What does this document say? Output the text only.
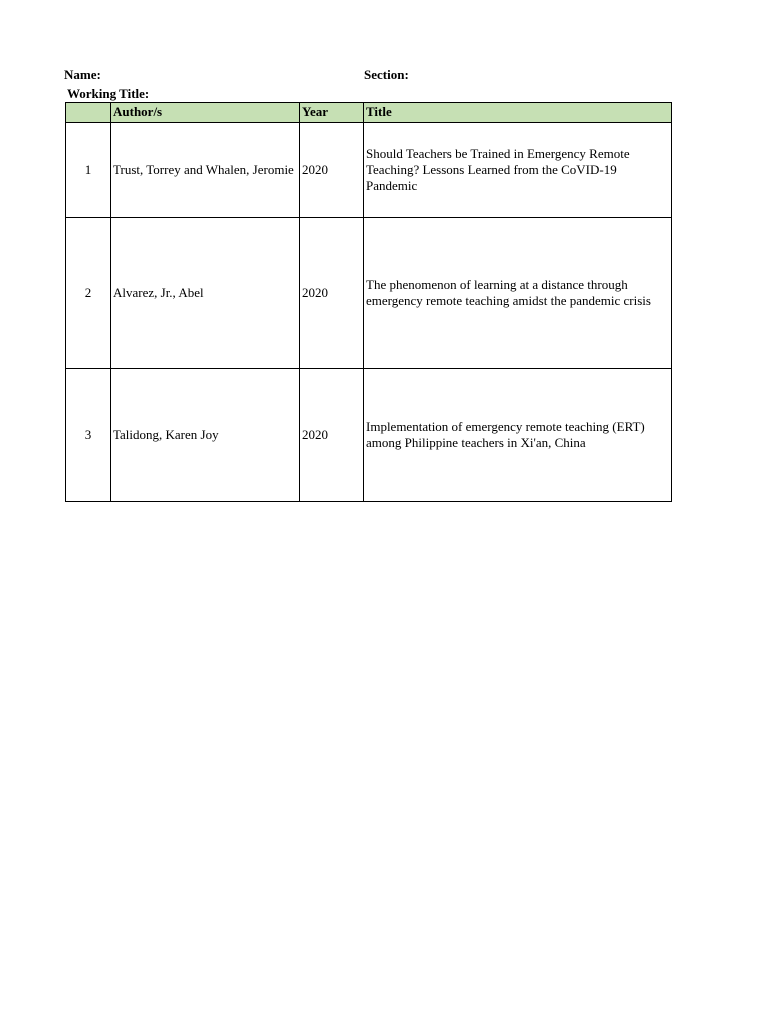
Name:	Section:
Working Title:
	Author/s	Year	Title
1	Trust, Torrey and Whalen, Jeromie	2020	Should Teachers be Trained in Emergency Remote Teaching? Lessons Learned from the CoVID-19 Pandemic
2	Alvarez, Jr., Abel	2020	The phenomenon of learning at a distance through emergency remote teaching amidst the pandemic crisis
3	Talidong, Karen Joy	2020	Implementation of emergency remote teaching (ERT) among Philippine teachers in Xi'an, China
